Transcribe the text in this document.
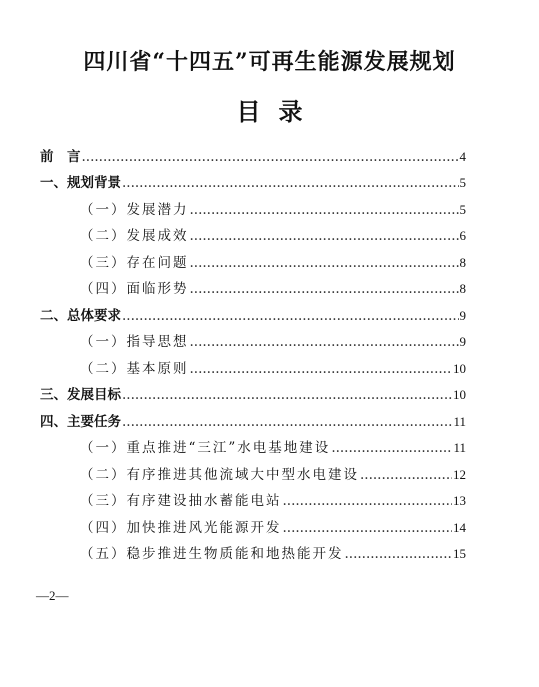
四川省“十四五”可再生能源发展规划
目录
前　言 .....	4
一、规划背景 .....	5
（一）发展潜力 .....	5
（二）发展成效 .....	6
（三）存在问题 .....	8
（四）面临形势 .....	8
二、总体要求 .....	9
（一）指导思想 .....	9
（二）基本原则 .....	10
三、发展目标 .....	10
四、主要任务 .....	11
（一）重点推进“三江”水电基地建设 .....	11
（二）有序推进其他流域大中型水电建设 .....	12
（三）有序建设抽水蓄能电站 .....	13
（四）加快推进风光能源开发 .....	14
（五）稳步推进生物质能和地热能开发 .....	15
—2—
